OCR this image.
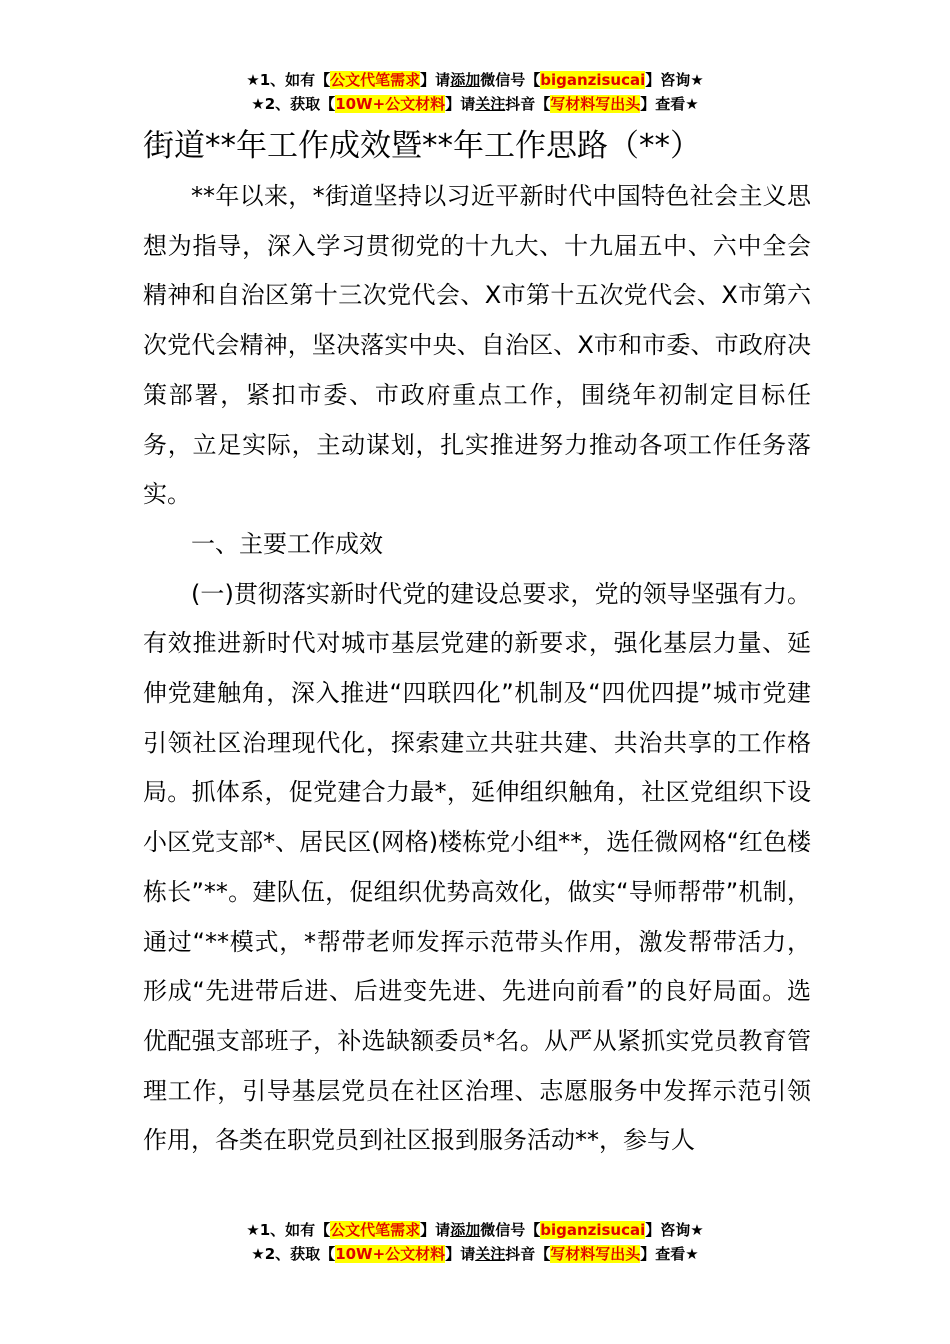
★1、如有【公文代笔需求】请添加微信号【biganzisucai】咨询★
★2、获取【10W+公文材料】请关注抖音【写材料写出头】查看★
街道**年工作成效暨**年工作思路（**）

**年以来，*街道坚持以习近平新时代中国特色社会主义思想为指导，深入学习贯彻党的十九大、十九届五中、六中全会精神和自治区第十三次党代会、X市第十五次党代会、X市第六次党代会精神，坚决落实中央、自治区、X市和市委、市政府决策部署，紧扣市委、市政府重点工作，围绕年初制定目标任务，立足实际，主动谋划，扎实推进努力推动各项工作任务落实。

一、主要工作成效

(一)贯彻落实新时代党的建设总要求，党的领导坚强有力。有效推进新时代对城市基层党建的新要求，强化基层力量、延伸党建触角，深入推进“四联四化”机制及“四优四提”城市党建引领社区治理现代化，探索建立共驻共建、共治共享的工作格局。抓体系，促党建合力最*，延伸组织触角，社区党组织下设小区党支部*、居民区(网格)楼栋党小组**，选任微网格“红色楼栋长”**。建队伍，促组织优势高效化，做实“导师帮带”机制，通过“**模式，*帮带老师发挥示范带头作用，激发帮带活力，形成“先进带后进、后进变先进、先进向前看”的良好局面。选优配强支部班子，补选缺额委员*名。从严从紧抓实党员教育管理工作，引导基层党员在社区治理、志愿服务中发挥示范引领作用，各类在职党员到社区报到服务活动**，参与人

★1、如有【公文代笔需求】请添加微信号【biganzisucai】咨询★
★2、获取【10W+公文材料】请关注抖音【写材料写出头】查看★
